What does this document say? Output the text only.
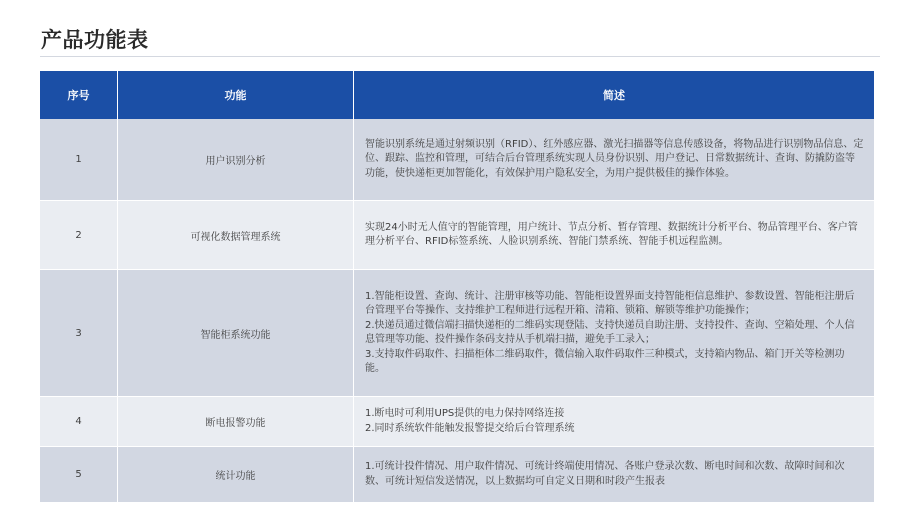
产品功能表
序号	功能	简述
1	用户识别分析	智能识别系统是通过射频识别（RFID）、红外感应器、激光扫描器等信息传感设备，将物品进行识别物品信息、定位、跟踪、监控和管理，可结合后台管理系统实现人员身份识别、用户登记、日常数据统计、查询、防撬防盗等功能，使快递柜更加智能化，有效保护用户隐私安全，为用户提供极佳的操作体验。
2	可视化数据管理系统	实现24小时无人值守的智能管理，用户统计、节点分析、暂存管理、数据统计分析平台、物品管理平台、客户管理分析平台、RFID标签系统、人脸识别系统、智能门禁系统、智能手机远程监测。
3	智能柜系统功能	1.智能柜设置、查询、统计、注册审核等功能、智能柜设置界面支持智能柜信息维护、参数设置、智能柜注册后台管理平台等操作、支持维护工程师进行远程开箱、清箱、锁箱、解锁等维护功能操作；
2.快递员通过微信端扫描快递柜的二维码实现登陆、支持快递员自助注册、支持投件、查询、空箱处理、个人信息管理等功能、投件操作条码支持从手机端扫描，避免手工录入；
3.支持取件码取件、扫描柜体二维码取件，微信输入取件码取件三种模式，支持箱内物品、箱门开关等检测功能。
4	断电报警功能	1.断电时可利用UPS提供的电力保持网络连接
2.同时系统软件能触发报警提交给后台管理系统
5	统计功能	1.可统计投件情况、用户取件情况、可统计终端使用情况、各账户登录次数、断电时间和次数、故障时间和次数、可统计短信发送情况，以上数据均可自定义日期和时段产生报表
